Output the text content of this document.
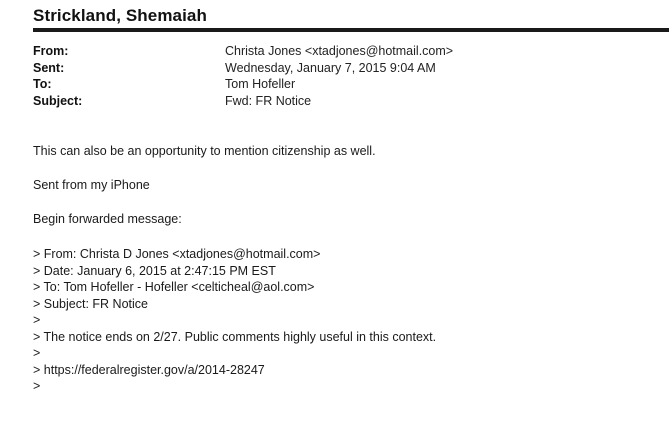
Strickland, Shemaiah
From:	Christa Jones <xtadjones@hotmail.com>
Sent:	Wednesday, January 7, 2015 9:04 AM
To:	Tom Hofeller
Subject:	Fwd: FR Notice
This can also be an opportunity to mention citizenship as well.
Sent from my iPhone
Begin forwarded message:
> From: Christa D Jones <xtadjones@hotmail.com>
> Date: January 6, 2015 at 2:47:15 PM EST
> To: Tom Hofeller - Hofeller <celticheal@aol.com>
> Subject: FR Notice
>
> The notice ends on 2/27. Public comments highly useful in this context.
>
> https://federalregister.gov/a/2014-28247
>
